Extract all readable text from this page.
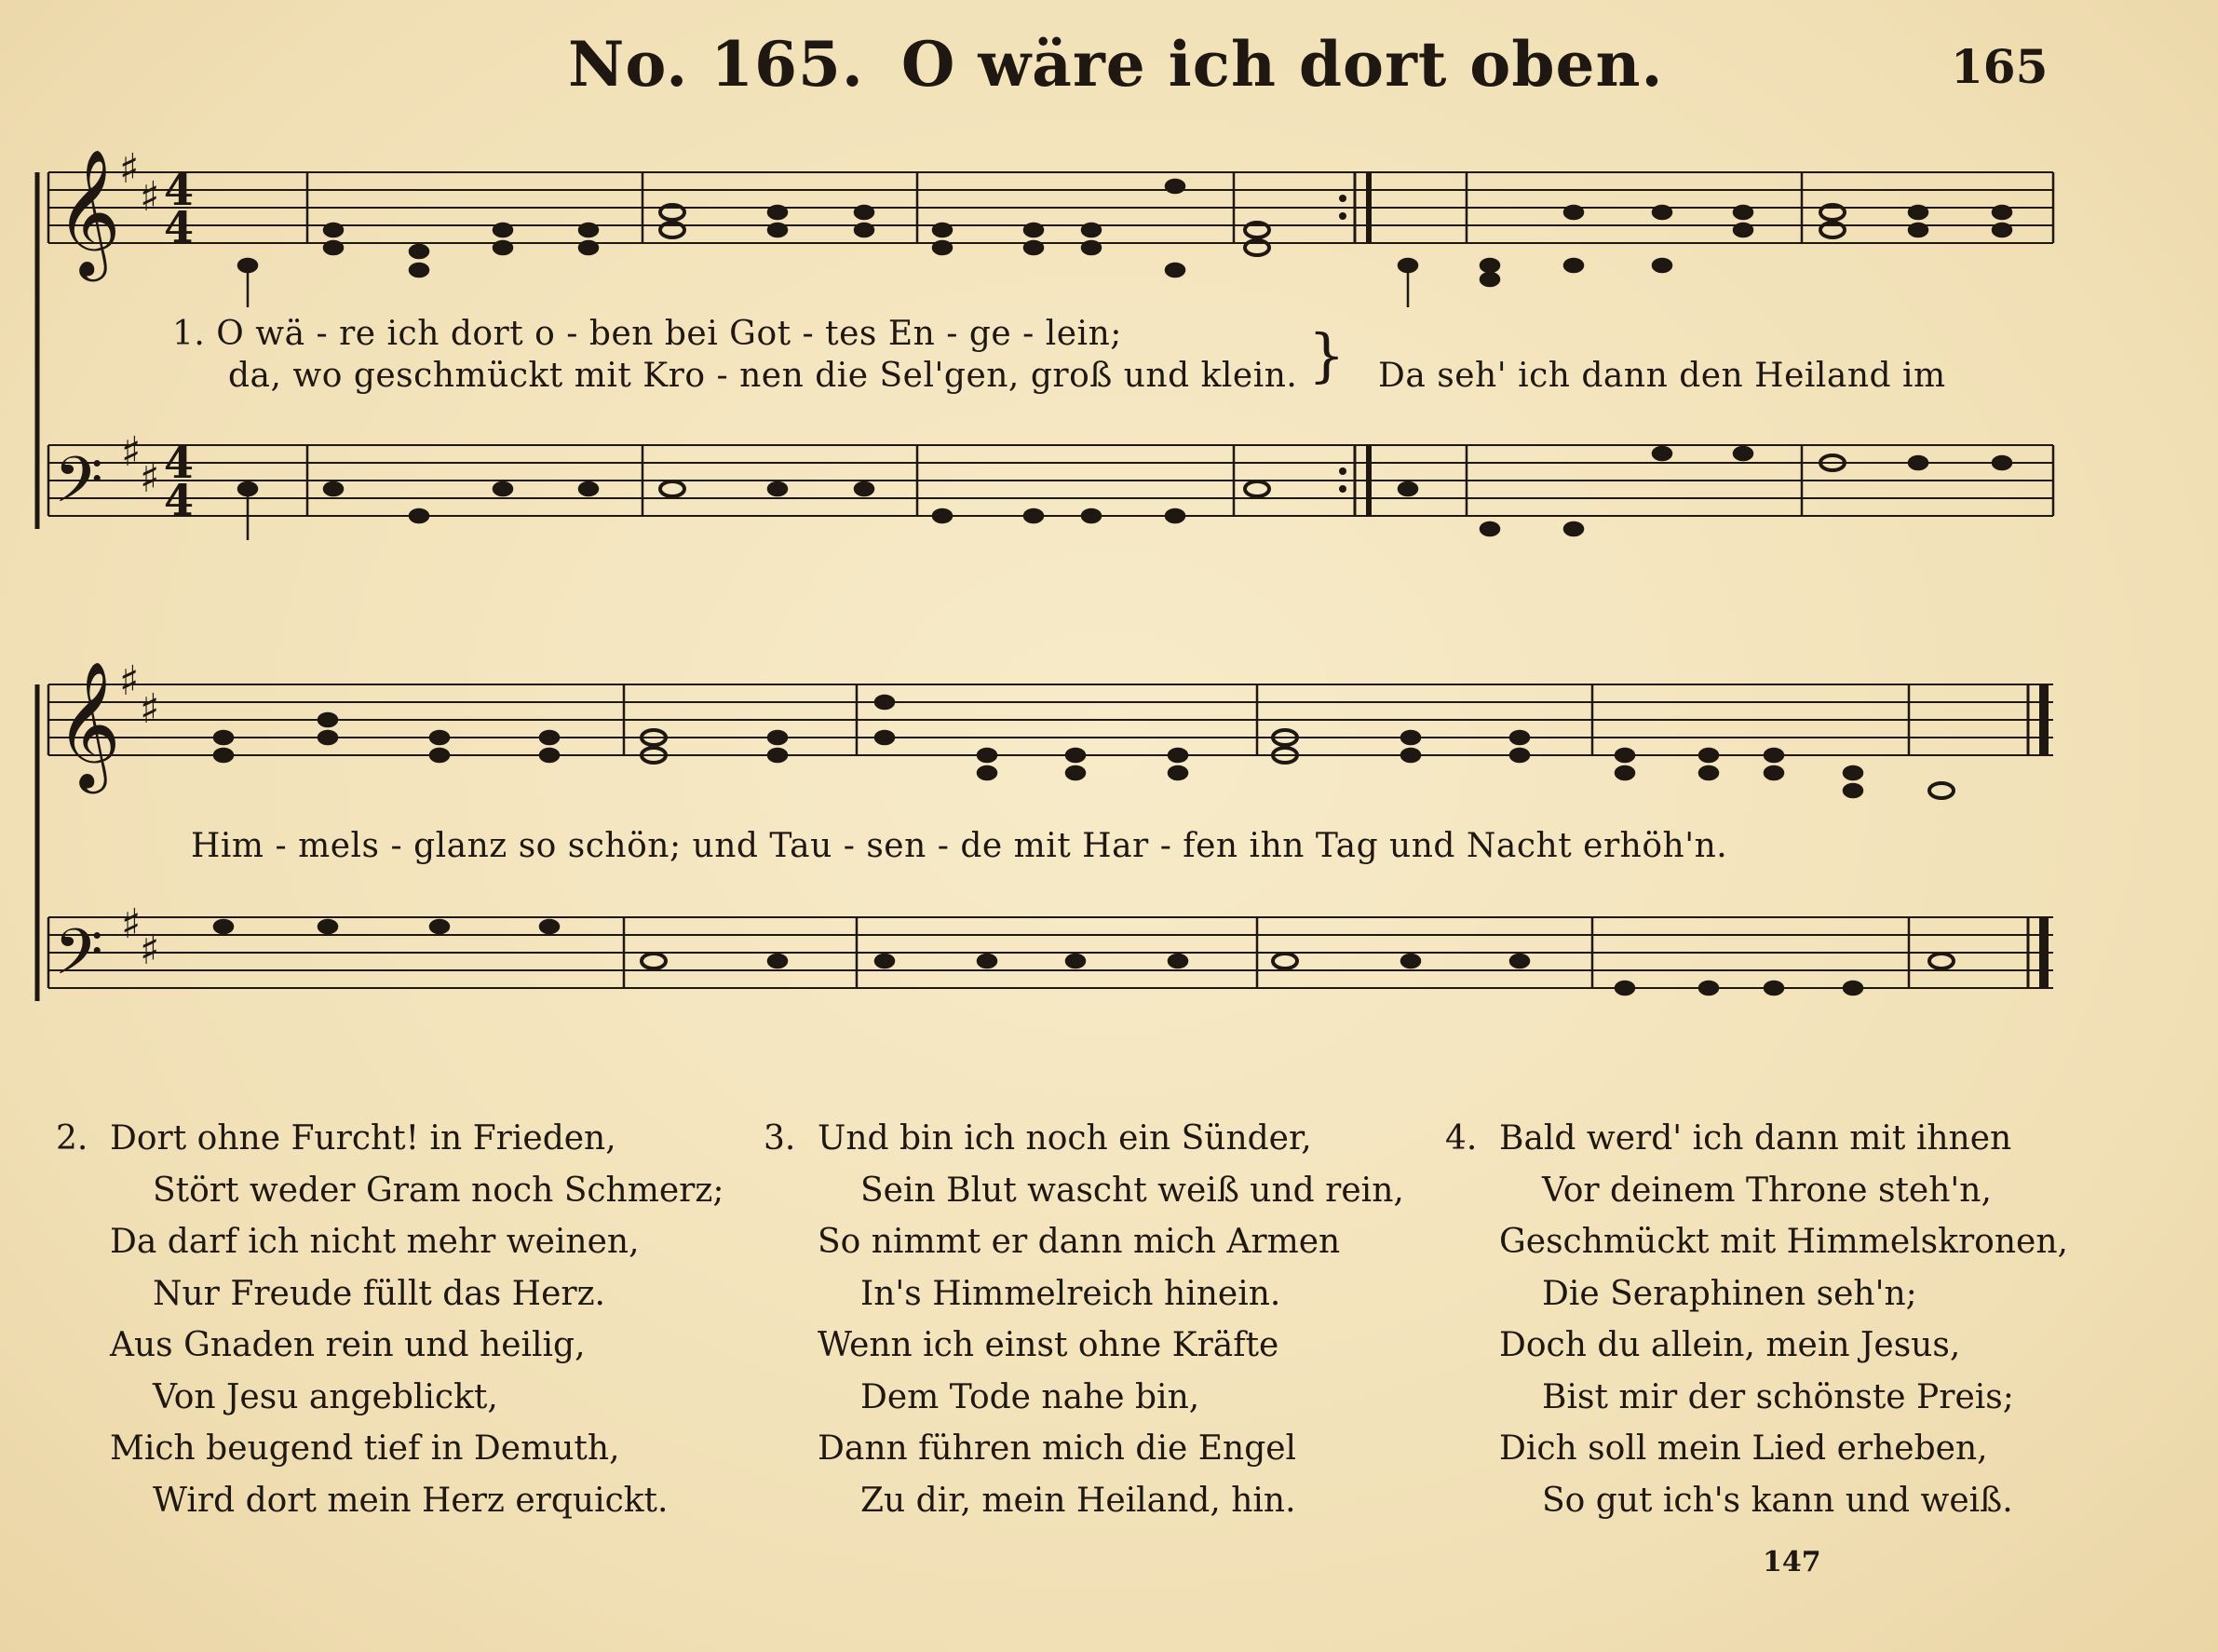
No. 165. O wäre ich dort oben.	165
𝄞
♯
♯ 4
4
𝄢 ♯
♯ 4
4
𝄞
♯
♯
𝄢 ♯
♯
1. O wä - re ich dort o - ben bei Got - tes En - ge - lein;
da, wo geschmückt mit Kro - nen die Sel'gen, groß und klein. } Da seh' ich dann den Heiland im
Him - mels - glanz so schön; und Tau - sen - de mit Har - fen ihn Tag und Nacht erhöh'n.
2. Dort ohne Furcht! in Frieden,
Stört weder Gram noch Schmerz;
Da darf ich nicht mehr weinen,
Nur Freude füllt das Herz.
Aus Gnaden rein und heilig,
Von Jesu angeblickt,
Mich beugend tief in Demuth,
Wird dort mein Herz erquickt.
3. Und bin ich noch ein Sünder,
Sein Blut wascht weiß und rein,
So nimmt er dann mich Armen
In's Himmelreich hinein.
Wenn ich einst ohne Kräfte
Dem Tode nahe bin,
Dann führen mich die Engel
Zu dir, mein Heiland, hin.
4. Bald werd' ich dann mit ihnen
Vor deinem Throne steh'n,
Geschmückt mit Himmelskronen,
Die Seraphinen seh'n;
Doch du allein, mein Jesus,
Bist mir der schönste Preis;
Dich soll mein Lied erheben,
So gut ich's kann und weiß.
147
